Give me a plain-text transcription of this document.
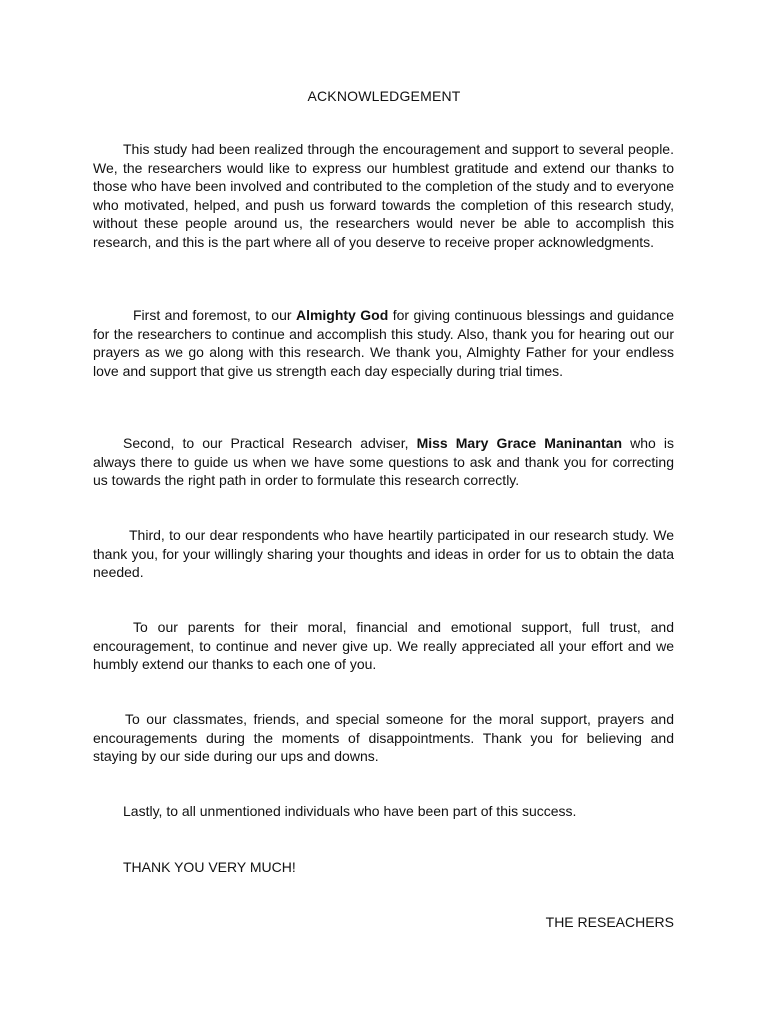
ACKNOWLEDGEMENT

This study had been realized through the encouragement and support to several people. We, the researchers would like to express our humblest gratitude and extend our thanks to those who have been involved and contributed to the completion of the study and to everyone who motivated, helped, and push us forward towards the completion of this research study, without these people around us, the researchers would never be able to accomplish this research, and this is the part where all of you deserve to receive proper acknowledgments.

First and foremost, to our Almighty God for giving continuous blessings and guidance for the researchers to continue and accomplish this study. Also, thank you for hearing out our prayers as we go along with this research. We thank you, Almighty Father for your endless love and support that give us strength each day especially during trial times.

Second, to our Practical Research adviser, Miss Mary Grace Maninantan who is always there to guide us when we have some questions to ask and thank you for correcting us towards the right path in order to formulate this research correctly.

Third, to our dear respondents who have heartily participated in our research study. We thank you, for your willingly sharing your thoughts and ideas in order for us to obtain the data needed.

To our parents for their moral, financial and emotional support, full trust, and encouragement, to continue and never give up. We really appreciated all your effort and we humbly extend our thanks to each one of you.

To our classmates, friends, and special someone for the moral support, prayers and encouragements during the moments of disappointments. Thank you for believing and staying by our side during our ups and downs.

Lastly, to all unmentioned individuals who have been part of this success.

THANK YOU VERY MUCH!

THE RESEACHERS
